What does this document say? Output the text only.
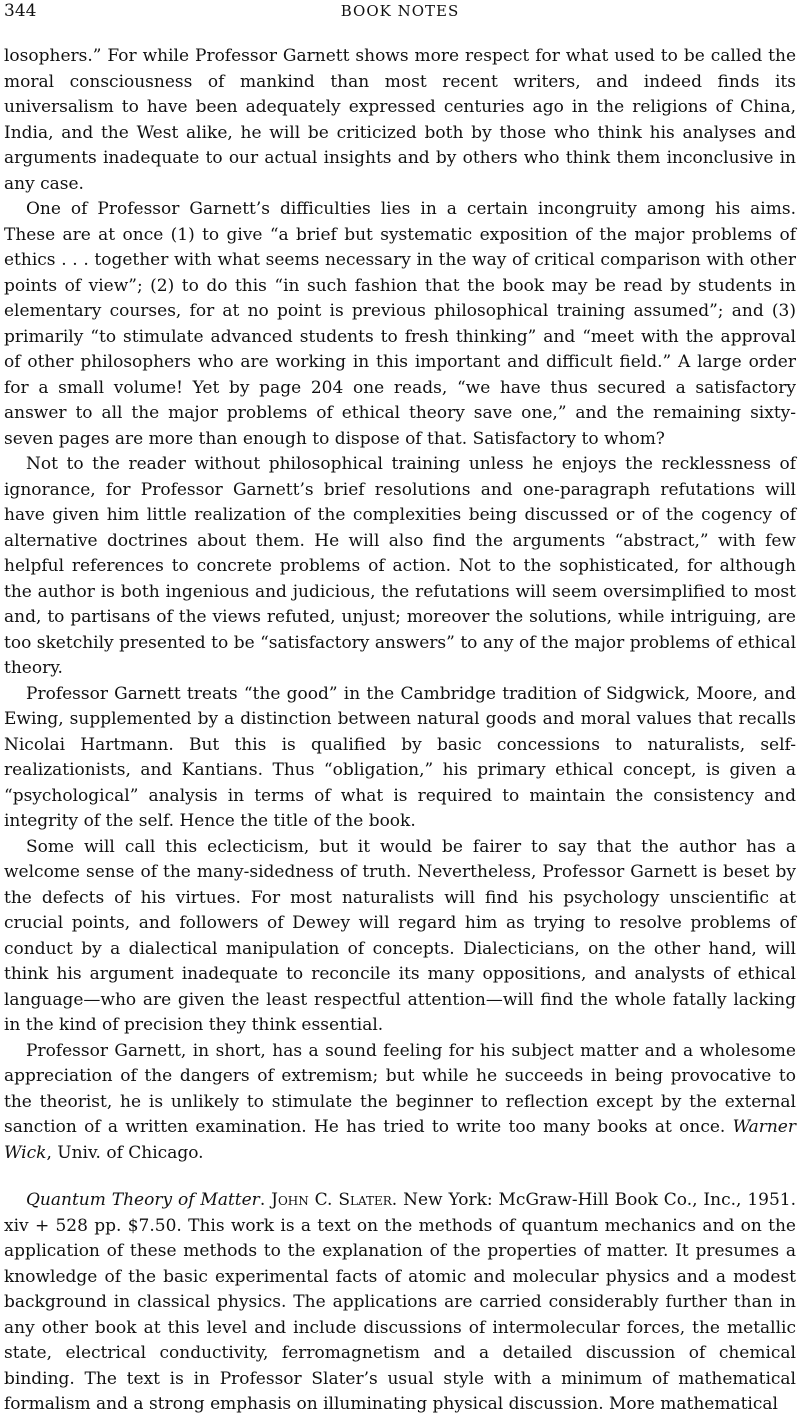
344	BOOK NOTES

losophers.” For while Professor Garnett shows more respect for what used to be called the moral consciousness of mankind than most recent writers, and indeed finds its universalism to have been adequately expressed centuries ago in the religions of China, India, and the West alike, he will be criticized both by those who think his analyses and arguments inadequate to our actual insights and by others who think them inconclusive in any case.

One of Professor Garnett’s difficulties lies in a certain incongruity among his aims. These are at once (1) to give “a brief but systematic exposition of the major problems of ethics . . . together with what seems necessary in the way of critical comparison with other points of view”; (2) to do this “in such fashion that the book may be read by students in elementary courses, for at no point is previous philosophical training assumed”; and (3) primarily “to stimulate advanced students to fresh thinking” and “meet with the approval of other philosophers who are working in this important and difficult field.” A large order for a small volume! Yet by page 204 one reads, “we have thus secured a satisfactory answer to all the major problems of ethical theory save one,” and the remaining sixty-seven pages are more than enough to dispose of that. Satisfactory to whom?

Not to the reader without philosophical training unless he enjoys the recklessness of ignorance, for Professor Garnett’s brief resolutions and one-paragraph refutations will have given him little realization of the complexities being discussed or of the cogency of alternative doctrines about them. He will also find the arguments “abstract,” with few helpful references to concrete problems of action. Not to the sophisticated, for although the author is both ingenious and judicious, the refutations will seem oversimplified to most and, to partisans of the views refuted, unjust; moreover the solutions, while intriguing, are too sketchily presented to be “satisfactory answers” to any of the major problems of ethical theory.

Professor Garnett treats “the good” in the Cambridge tradition of Sidgwick, Moore, and Ewing, supplemented by a distinction between natural goods and moral values that recalls Nicolai Hartmann. But this is qualified by basic concessions to naturalists, self-realizationists, and Kantians. Thus “obligation,” his primary ethical concept, is given a “psychological” analysis in terms of what is required to maintain the consistency and integrity of the self. Hence the title of the book.

Some will call this eclecticism, but it would be fairer to say that the author has a welcome sense of the many-sidedness of truth. Nevertheless, Professor Garnett is beset by the defects of his virtues. For most naturalists will find his psychology unscientific at crucial points, and followers of Dewey will regard him as trying to resolve problems of conduct by a dialectical manipulation of concepts. Dialecticians, on the other hand, will think his argument inadequate to reconcile its many oppositions, and analysts of ethical language—who are given the least respectful attention—will find the whole fatally lacking in the kind of precision they think essential.

Professor Garnett, in short, has a sound feeling for his subject matter and a wholesome appreciation of the dangers of extremism; but while he succeeds in being provocative to the theorist, he is unlikely to stimulate the beginner to reflection except by the external sanction of a written examination. He has tried to write too many books at once. Warner Wick, Univ. of Chicago.

Quantum Theory of Matter. John C. Slater. New York: McGraw-Hill Book Co., Inc., 1951. xiv + 528 pp. $7.50. This work is a text on the methods of quantum mechanics and on the application of these methods to the explanation of the properties of matter. It presumes a knowledge of the basic experimental facts of atomic and molecular physics and a modest background in classical physics. The applications are carried considerably further than in any other book at this level and include discussions of intermolecular forces, the metallic state, electrical conductivity, ferromagnetism and a detailed discussion of chemical binding. The text is in Professor Slater’s usual style with a minimum of mathematical formalism and a strong emphasis on illuminating physical discussion. More mathematical
